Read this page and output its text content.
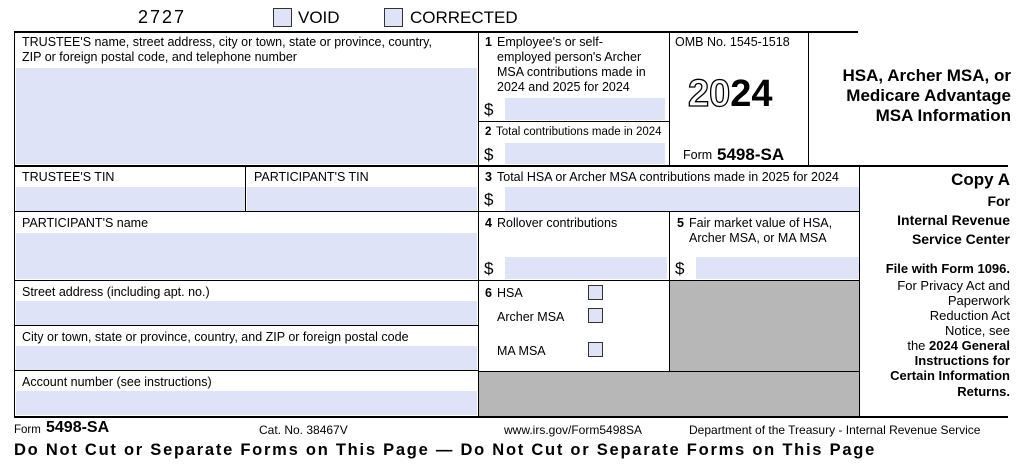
2727	VOID	CORRECTED
TRUSTEE'S name, street address, city or town, state or province, country,
ZIP or foreign postal code, and telephone number
1 Employee's or self-
employed person's Archer
MSA contributions made in
2024 and 2025 for 2024
$
2 Total contributions made in 2024
$
OMB No. 1545-1518
2024
Form 5498-SA
HSA, Archer MSA, or
Medicare Advantage
MSA Information
TRUSTEE'S TIN	PARTICIPANT'S TIN	3 Total HSA or Archer MSA contributions made in 2025 for 2024
$
PARTICIPANT'S name
Street address (including apt. no.)
City or town, state or province, country, and ZIP or foreign postal code
Account number (see instructions)
4 Rollover contributions
$
5 Fair market value of HSA,
Archer MSA, or MA MSA
$
6 HSA
Archer MSA
MA MSA
Copy A
For
Internal Revenue
Service Center
File with Form 1096.
For Privacy Act and
Paperwork
Reduction Act
Notice, see
the 2024 General
Instructions for
Certain Information
Returns.
Form 5498-SA	Cat. No. 38467V	www.irs.gov/Form5498SA	Department of the Treasury - Internal Revenue Service
Do Not Cut or Separate Forms on This Page — Do Not Cut or Separate Forms on This Page
